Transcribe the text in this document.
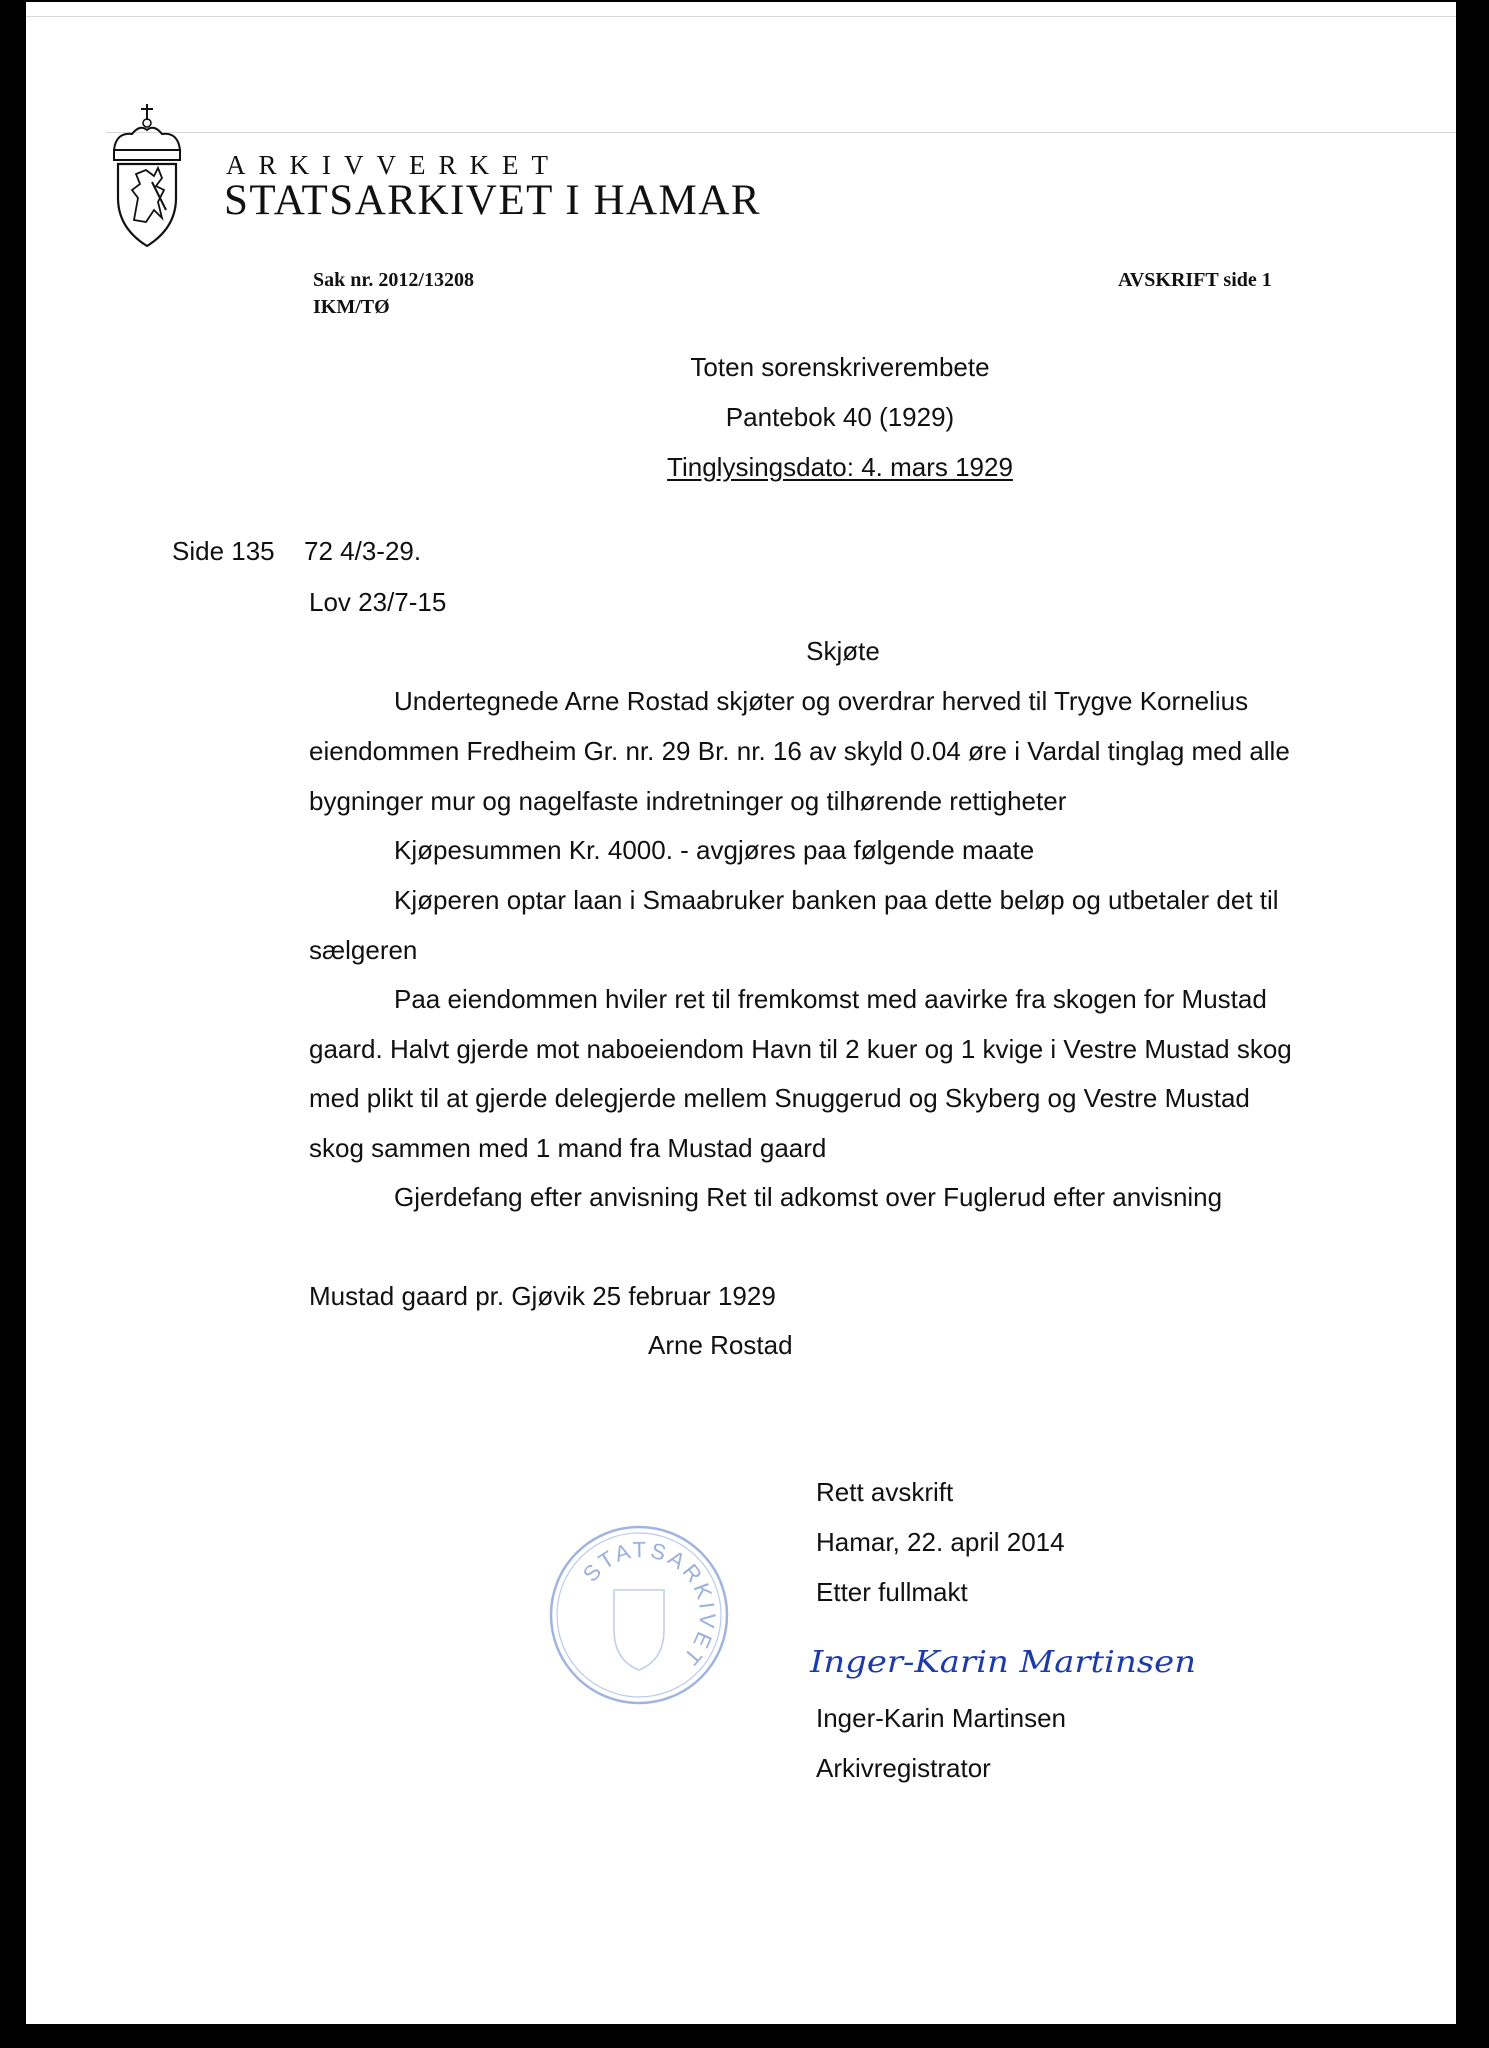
ARKIVVERKET
STATSARKIVET I HAMAR
Sak nr. 2012/13208
IKM/TØ
AVSKRIFT side 1
Toten sorenskriverembete
Pantebok 40 (1929)
Tinglysingsdato: 4. mars 1929
Side 135 72 4/3-29.
Lov 23/7-15
Skjøte
Undertegnede Arne Rostad skjøter og overdrar herved til Trygve Kornelius
eiendommen Fredheim Gr. nr. 29 Br. nr. 16 av skyld 0.04 øre i Vardal tinglag med alle
bygninger mur og nagelfaste indretninger og tilhørende rettigheter
Kjøpesummen Kr. 4000. - avgjøres paa følgende maate
Kjøperen optar laan i Smaabruker banken paa dette beløp og utbetaler det til
sælgeren
Paa eiendommen hviler ret til fremkomst med aavirke fra skogen for Mustad
gaard. Halvt gjerde mot naboeiendom Havn til 2 kuer og 1 kvige i Vestre Mustad skog
med plikt til at gjerde delegjerde mellem Snuggerud og Skyberg og Vestre Mustad
skog sammen med 1 mand fra Mustad gaard
Gjerdefang efter anvisning Ret til adkomst over Fuglerud efter anvisning
Mustad gaard pr. Gjøvik 25 februar 1929
Arne Rostad
Rett avskrift
Hamar, 22. april 2014
Etter fullmakt
STATSARKIVET	Inger-Karin Martinsen
Inger-Karin Martinsen
Arkivregistrator
